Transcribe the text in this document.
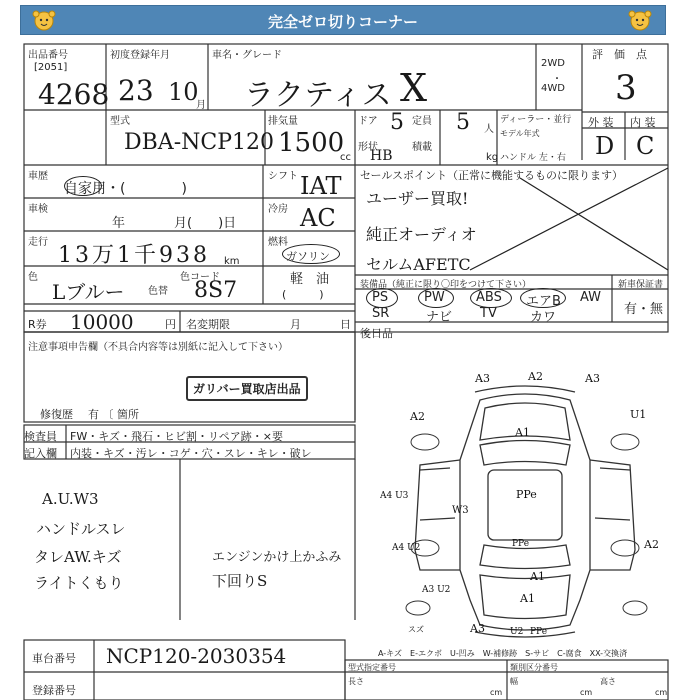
完全ゼロ切りコーナー
出品番号
[2051]
4268
初度登録年月
23 10
月
車名・グレード
ラクティス X
2WD
・
4WD
評　価　点
3
外 装 内 装
D C
型式
DBA-NCP120
排気量
1500
cc
ドア 5 定員 5 人
ディーラー・並行
モデル年式
形状
HB
積載
kg ハンドル 左・右
車歴
自家用・(　　　　)
シフト IAT
車検
年	月(　　)日
冷房 AC
走行
13万1千938 km
燃料
ガソリン
軽　油
(　　　)
色
Lブルー 色替
色コード
8S7
セールスポイント（正常に機能するものに限ります）
ユーザー買取!
純正オーディオ
セルムAFETC
装備品（純正に限り〇印をつけて下さい）	新車保証書
有・無
PS	PW ABS エアB AW
SR	ナビ TV	カワ
R券 10000	円 名変期限	月	日
後日品
注意事項申告欄（不具合内容等は別紙に記入して下さい）
ガリバー買取店出品
修復歴 有 〔 箇所
検査員
記入欄
FW・キズ・飛石・ヒビ割・リペア跡・×要
内装・キズ・汚レ・コゲ・穴・スレ・キレ・破レ
A.U.W3
ハンドルスレ
タレAW.キズ
ライトくもり
エンジンかけ上かふみ
下回りS
A3	A2	A3
A2	U1
A1
A4 U3
W3
PPe
PPe	A2
A4 U2
A1
A3 U2
A3	U2 PPe
A1
スズ
A-キズ　E-エクボ　U-凹み　W-補修跡　S-サビ　C-腐食　XX-交換済
車台番号 NCP120-2030354
登録番号
型式指定番号	類別区分番号
長さ
cm
幅
cm
高さ
cm
